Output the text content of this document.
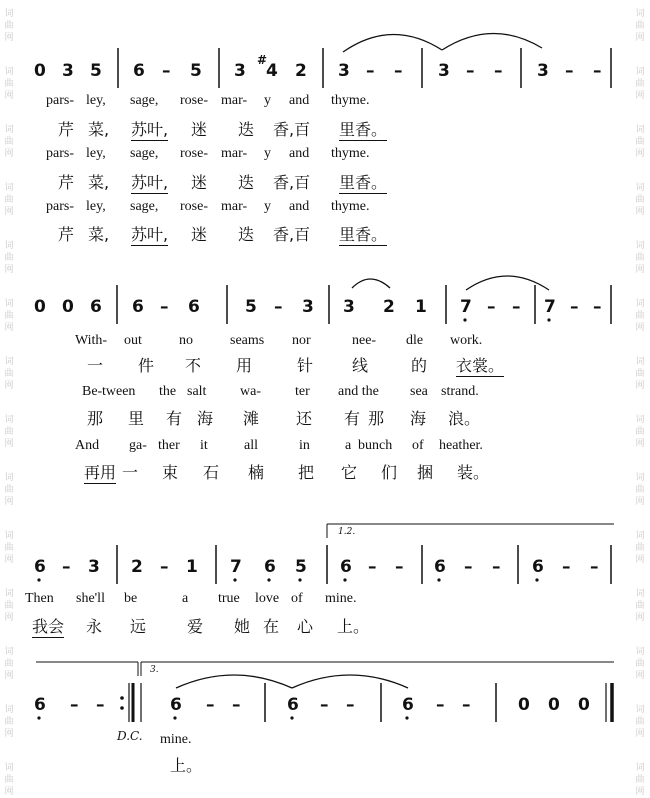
词
曲
网
词
曲
网
词
曲
网
词
曲
网
词
曲
网
词
曲
网
词
曲
网
词
曲
网
词
曲
网
词
曲
网
词
曲
网
词
曲
网
词
曲
网
词
曲
网
词
曲
网
词
曲
网
词
曲
网
词
曲
网
词
曲
网
词
曲
网
词
曲
网
词
曲
网
词
曲
网
词
曲
网
词
曲
网
词
曲
网
词
曲
网
词
曲
网
0 3 5 6 – 5 3
#
4 2 3 – – 3 – – 3 – –
0 0 6 6 – 6	5 – 3 3 2 1 7 – – 7 – –
1.2.
6 – 3 2 – 1 7 6 5 6 – – 6 – – 6 – –
3.
6 – –
D.C.
6 – –	6 – –	6 – –	0 0 0
pars- ley, sage, rose- mar- y and thyme.
芹 菜, 苏叶, 迷 迭 香,百 里香。
pars- ley, sage, rose- mar- y and thyme.
芹 菜, 苏叶, 迷 迭 香,百 里香。
pars- ley, sage, rose- mar- y and thyme.
芹 菜, 苏叶, 迷 迭 香,百 里香。
With- out	no	seams nor	nee- dle work.
一 件 不 用	针 线	的 衣裳。
Be- tween the salt wa- ter and the sea strand.
那 里 有 海 滩 还 有 那 海 浪。
And ga- ther it	all	in	a bunch of heather.
再用 一 束 石 楠 把 它 们 捆 装。
Then she'll be	a true love of mine.
我会 永 远	爱 她 在 心 上。
mine.
上。
